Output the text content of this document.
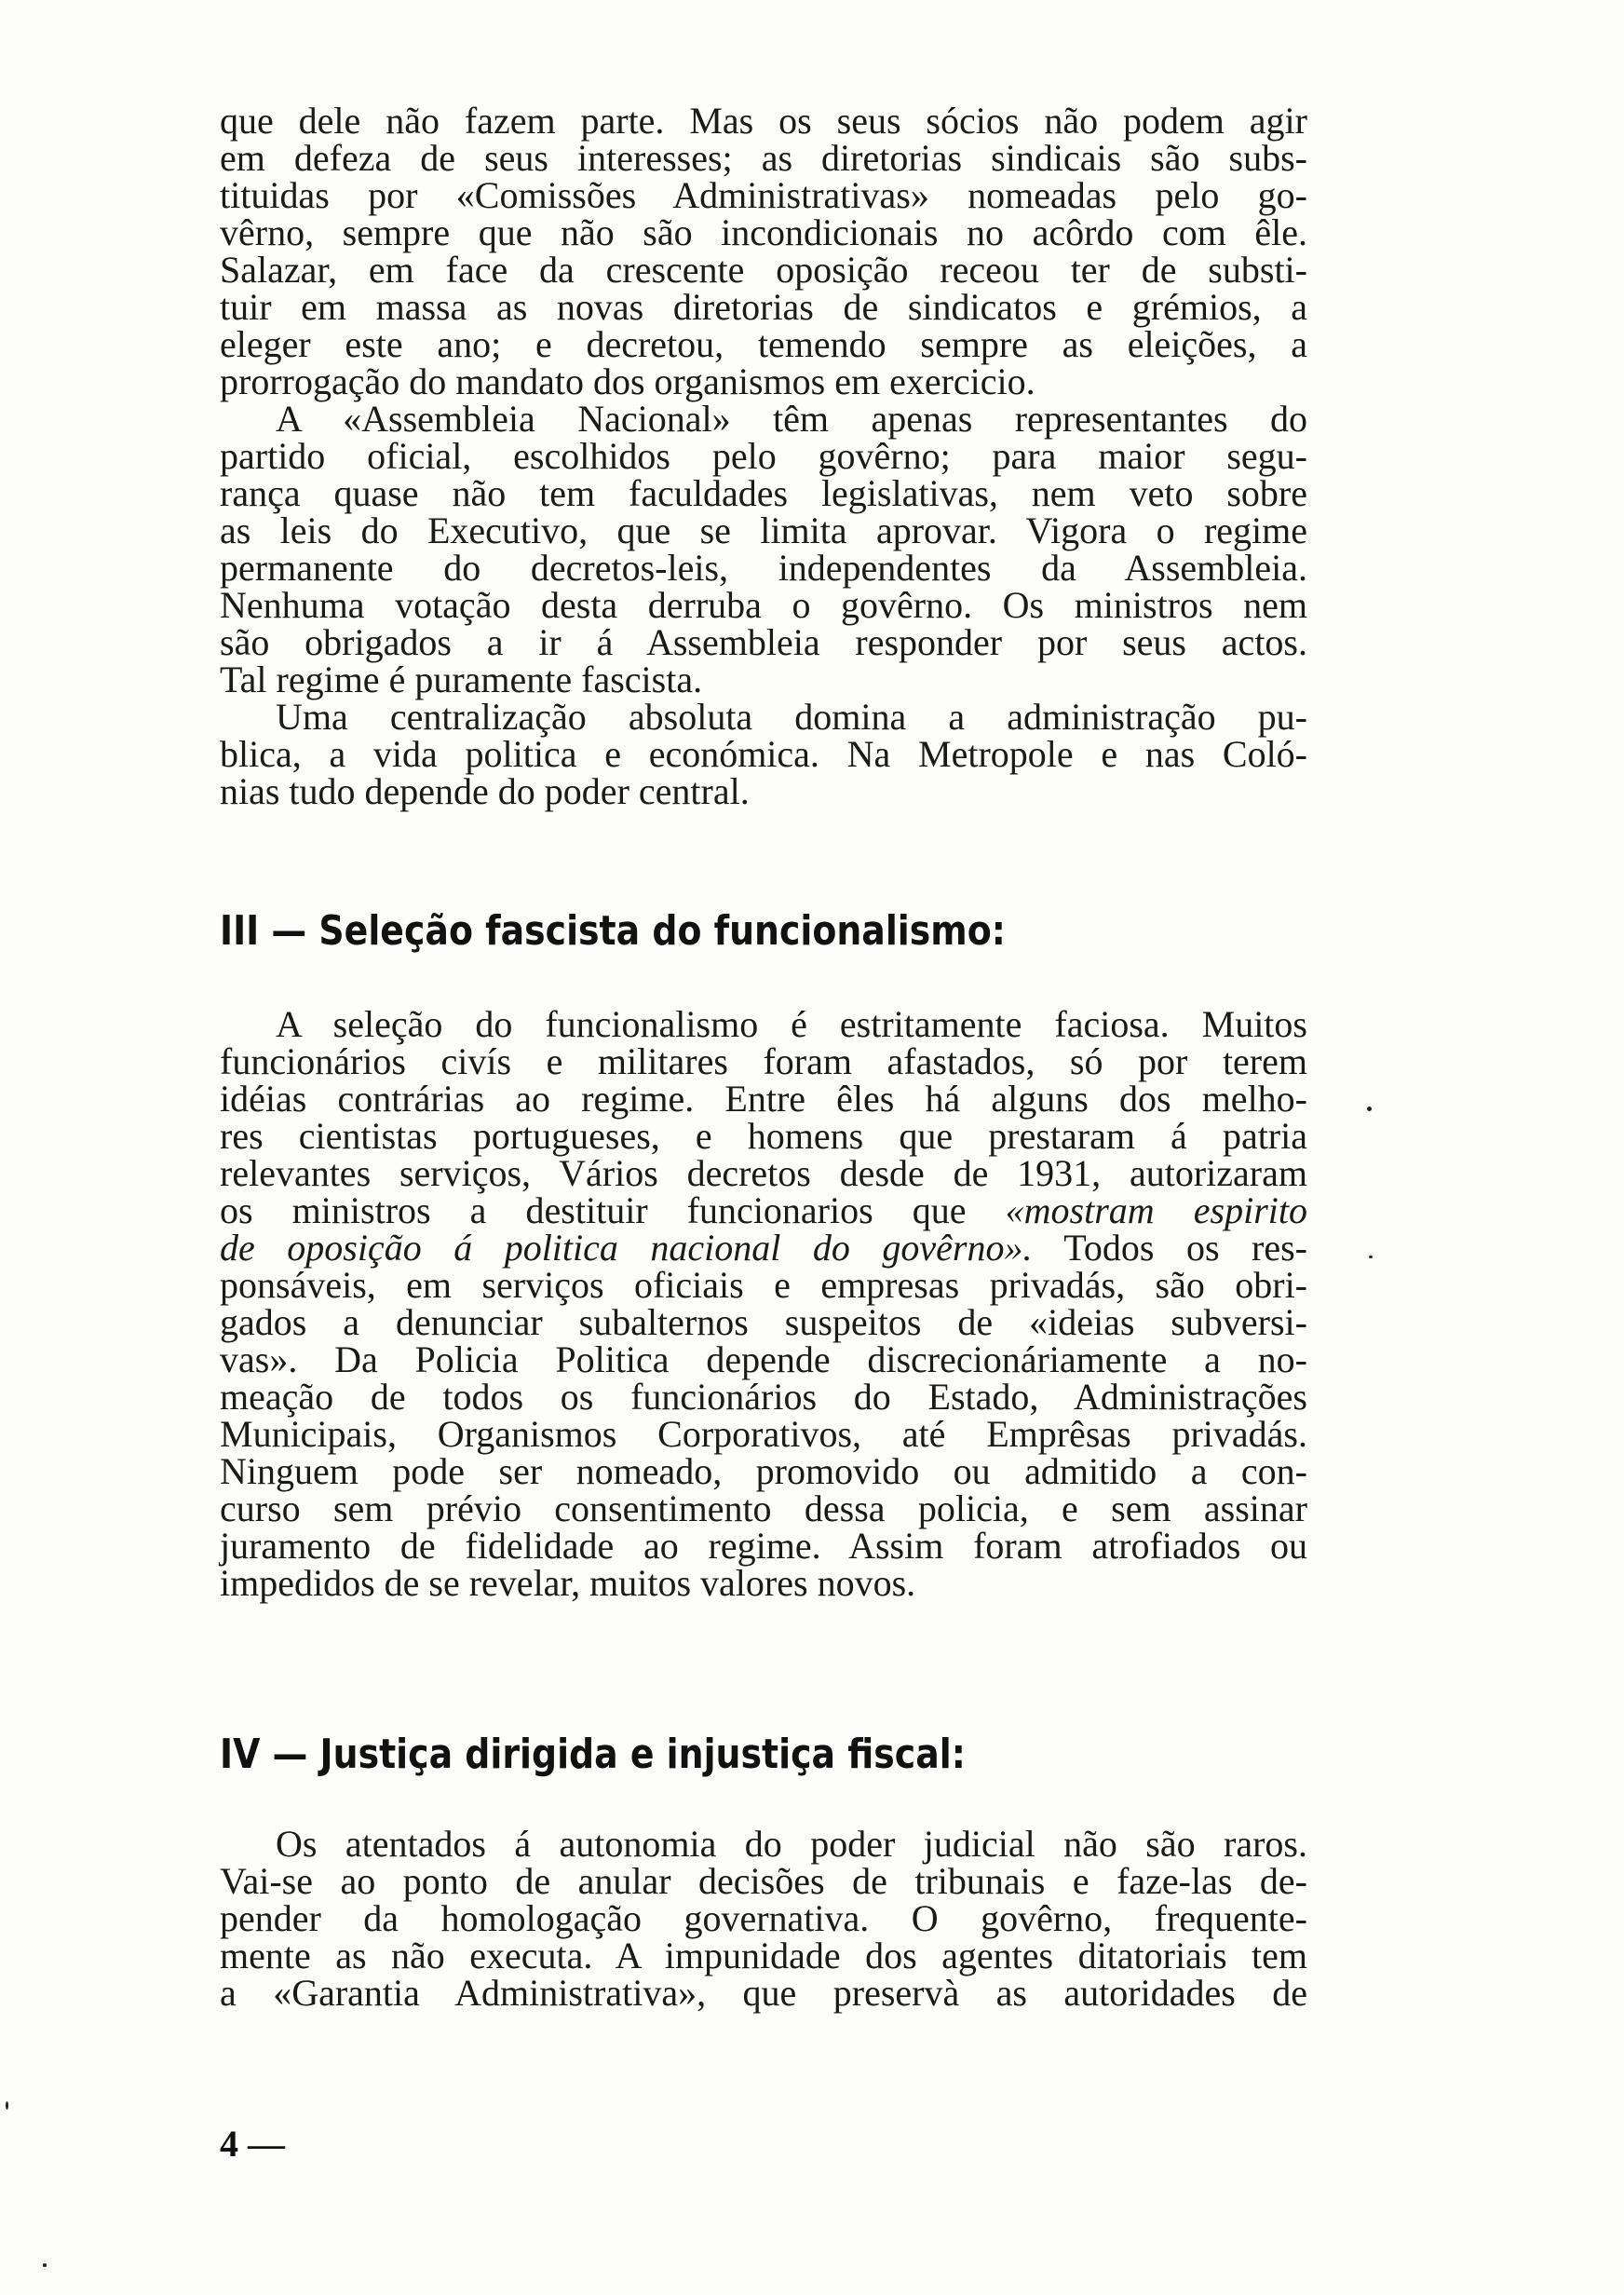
que dele não fazem parte. Mas os seus sócios não podem agir
em defeza de seus interesses; as diretorias sindicais são subs-
tituidas por «Comissões Administrativas» nomeadas pelo go-
vêrno, sempre que não são incondicionais no acôrdo com êle.
Salazar, em face da crescente oposição receou ter de substi-
tuir em massa as novas diretorias de sindicatos e grémios, a
eleger este ano; e decretou, temendo sempre as eleições, a
prorrogação do mandato dos organismos em exercicio.
A «Assembleia Nacional» têm apenas representantes do
partido oficial, escolhidos pelo govêrno; para maior segu-
rança quase não tem faculdades legislativas, nem veto sobre
as leis do Executivo, que se limita aprovar. Vigora o regime
permanente do decretos-leis, independentes da Assembleia.
Nenhuma votação desta derruba o govêrno. Os ministros nem
são obrigados a ir á Assembleia responder por seus actos.
Tal regime é puramente fascista.
Uma centralização absoluta domina a administração pu-
blica, a vida politica e económica. Na Metropole e nas Coló-
nias tudo depende do poder central.
III — Seleção fascista do funcionalismo:
A seleção do funcionalismo é estritamente faciosa. Muitos
funcionários civís e militares foram afastados, só por terem
idéias contrárias ao regime. Entre êles há alguns dos melho-
res cientistas portugueses, e homens que prestaram á patria
relevantes serviços, Vários decretos desde de 1931, autorizaram
os ministros a destituir funcionarios que «mostram espirito
de oposição á politica nacional do govêrno». Todos os res-
ponsáveis, em serviços oficiais e empresas privadás, são obri-
gados a denunciar subalternos suspeitos de «ideias subversi-
vas». Da Policia Politica depende discrecionáriamente a no-
meação de todos os funcionários do Estado, Administrações
Municipais, Organismos Corporativos, até Emprêsas privadás.
Ninguem pode ser nomeado, promovido ou admitido a con-
curso sem prévio consentimento dessa policia, e sem assinar
juramento de fidelidade ao regime. Assim foram atrofiados ou
impedidos de se revelar, muitos valores novos.
IV — Justiça dirigida e injustiça fiscal:
Os atentados á autonomia do poder judicial não são raros.
Vai-se ao ponto de anular decisões de tribunais e faze-las de-
pender da homologação governativa. O govêrno, frequente-
mente as não executa. A impunidade dos agentes ditatoriais tem
a «Garantia Administrativa», que preservà as autoridades de
4 —
